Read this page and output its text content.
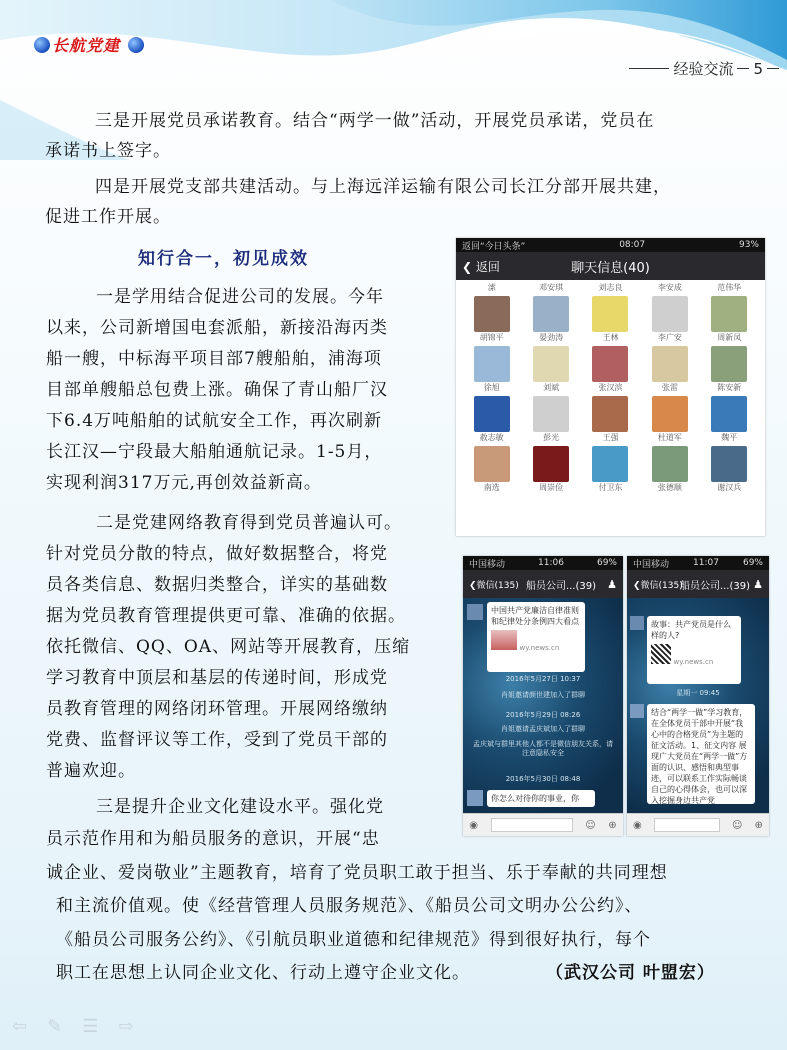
长航党建
经验交流 5
三是开展党员承诺教育。结合“两学一做”活动，开展党员承诺，党员在
承诺书上签字。
四是开展党支部共建活动。与上海远洋运输有限公司长江分部开展共建，
促进工作开展。
知行合一，初见成效
一是学用结合促进公司的发展。今年
以来，公司新增国电套派船，新接沿海丙类
船一艘，中标海平项目部7艘船舶，浦海项
目部单艘船总包费上涨。确保了青山船厂汉
下6.4万吨船舶的试航安全工作，再次刷新
长江汉—宁段最大船舶通航记录。1-5月，
实现利润317万元,再创效益新高。
二是党建网络教育得到党员普遍认可。
针对党员分散的特点，做好数据整合，将党
员各类信息、数据归类整合，详实的基础数
据为党员教育管理提供更可靠、准确的依据。
依托微信、QQ、OA、网站等开展教育，压缩
学习教育中顶层和基层的传递时间，形成党
员教育管理的网络闭环管理。开展网络缴纳
党费、监督评议等工作，受到了党员干部的
普遍欢迎。
三是提升企业文化建设水平。强化党
员示范作用和为船员服务的意识，开展“忠
诚企业、爱岗敬业”主题教育，培育了党员职工敢于担当、乐于奉献的共同理想
和主流价值观。使《经营管理人员服务规范》、《船员公司文明办公公约》、
《船员公司服务公约》、《引航员职业道德和纪律规范》得到很好执行，每个
职工在思想上认同企业文化、行动上遵守企业文化。	（武汉公司 叶盟宏）
返回“今日头条”	08:07	93%
❮ 返回	聊天信息(40)
溹	邓安琪	刘志良	李安成	范伟华
胡锦平	晏劲涛	王林	李广安	周新凤
徐旭	刘斌	张汉滨	张雷	陈安新
赦志敏	彭光	王强	杜道军	魏平
南选	周崇俭	付卫东	张德顺	谢汉兵
中国移动	11:06	69%
❮微信(135) 船员公司...(39) ♟
中国共产党廉洁自律准则和纪律处分条例四大看点
wy.news.cn
2016年5月27日 10:37
肖姐邀请颜世建加入了群聊
2016年5月29日 08:26
肖姐邀请孟庆斌加入了群聊
孟庆斌与群里其他人都不是微信朋友关系，请注意隐私安全
2016年5月30日 08:48
你怎么对待你的事业，你
◉	☺ ⊕
中国移动	11:07	69%
❮微信(135)
船员公司...(39) ♟
故事：共产党员是什么样的人?
wy.news.cn
星期一 09:45
结合“两学一做”学习教育，在全体党员干部中开展“我心中的合格党员”为主题的征文活动。1、征文内容 展现广大党员在“两学一做”方面的认识、感悟和典型事迹，可以联系工作实际畅谈自己的心得体会，也可以深入挖掘身边共产党
◉	☺ ⊕
⇦ ✎ ☰ ⇨
